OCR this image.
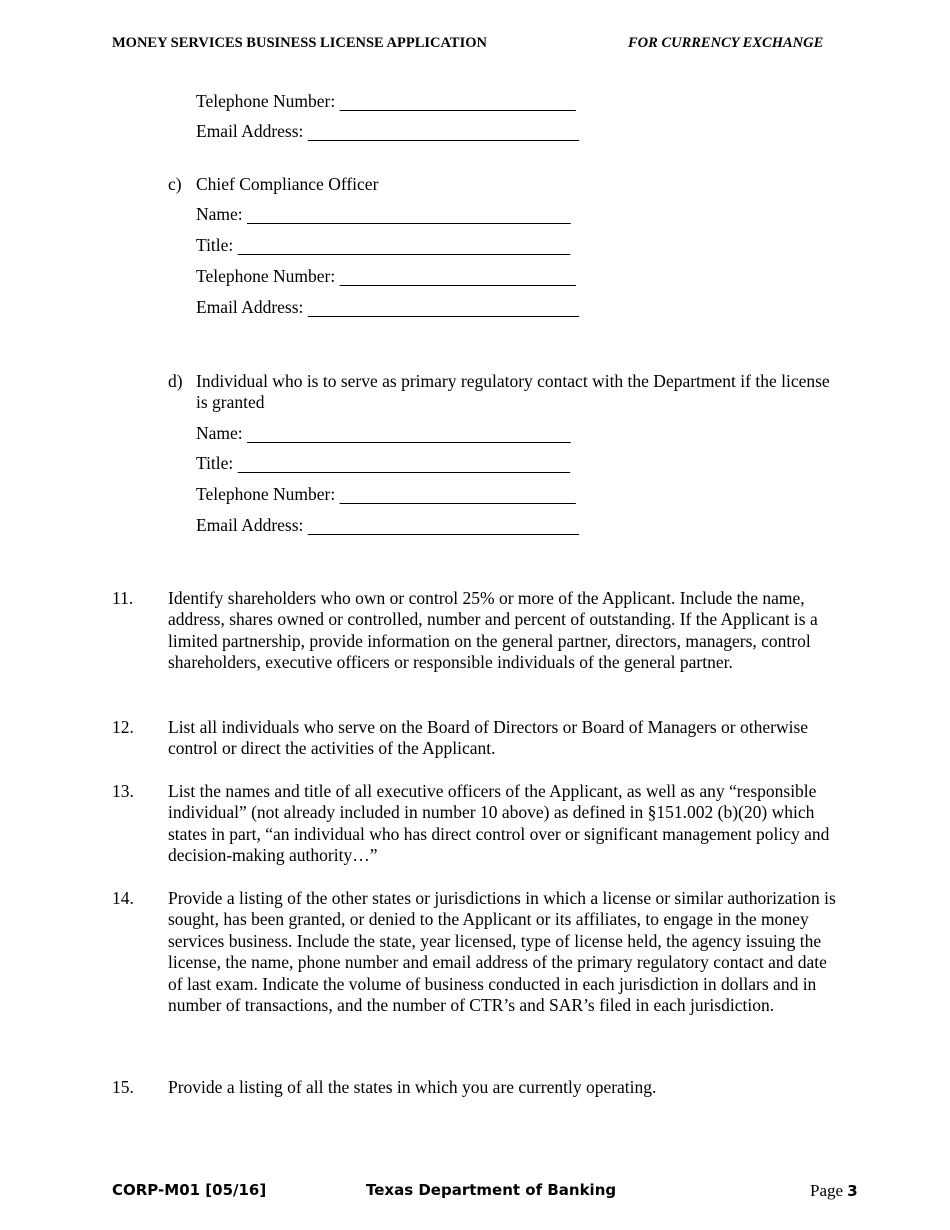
MONEY SERVICES BUSINESS LICENSE APPLICATION	FOR CURRENCY EXCHANGE
Telephone Number:
Email Address:
c) Chief Compliance Officer
Name:
Title:
Telephone Number:
Email Address:
d) Individual who is to serve as primary regulatory contact with the Department if the license is granted
Name:
Title:
Telephone Number:
Email Address:
11. Identify shareholders who own or control 25% or more of the Applicant. Include the name, address, shares owned or controlled, number and percent of outstanding. If the Applicant is a limited partnership, provide information on the general partner, directors, managers, control shareholders, executive officers or responsible individuals of the general partner.
12. List all individuals who serve on the Board of Directors or Board of Managers or otherwise control or direct the activities of the Applicant.
13. List the names and title of all executive officers of the Applicant, as well as any “responsible individual” (not already included in number 10 above) as defined in §151.002 (b)(20) which states in part, “an individual who has direct control over or significant management policy and decision-making authority…”
14. Provide a listing of the other states or jurisdictions in which a license or similar authorization is sought, has been granted, or denied to the Applicant or its affiliates, to engage in the money services business. Include the state, year licensed, type of license held, the agency issuing the license, the name, phone number and email address of the primary regulatory contact and date of last exam. Indicate the volume of business conducted in each jurisdiction in dollars and in number of transactions, and the number of CTR’s and SAR’s filed in each jurisdiction.
15. Provide a listing of all the states in which you are currently operating.
CORP-M01 [05/16]	Texas Department of Banking	Page 3
